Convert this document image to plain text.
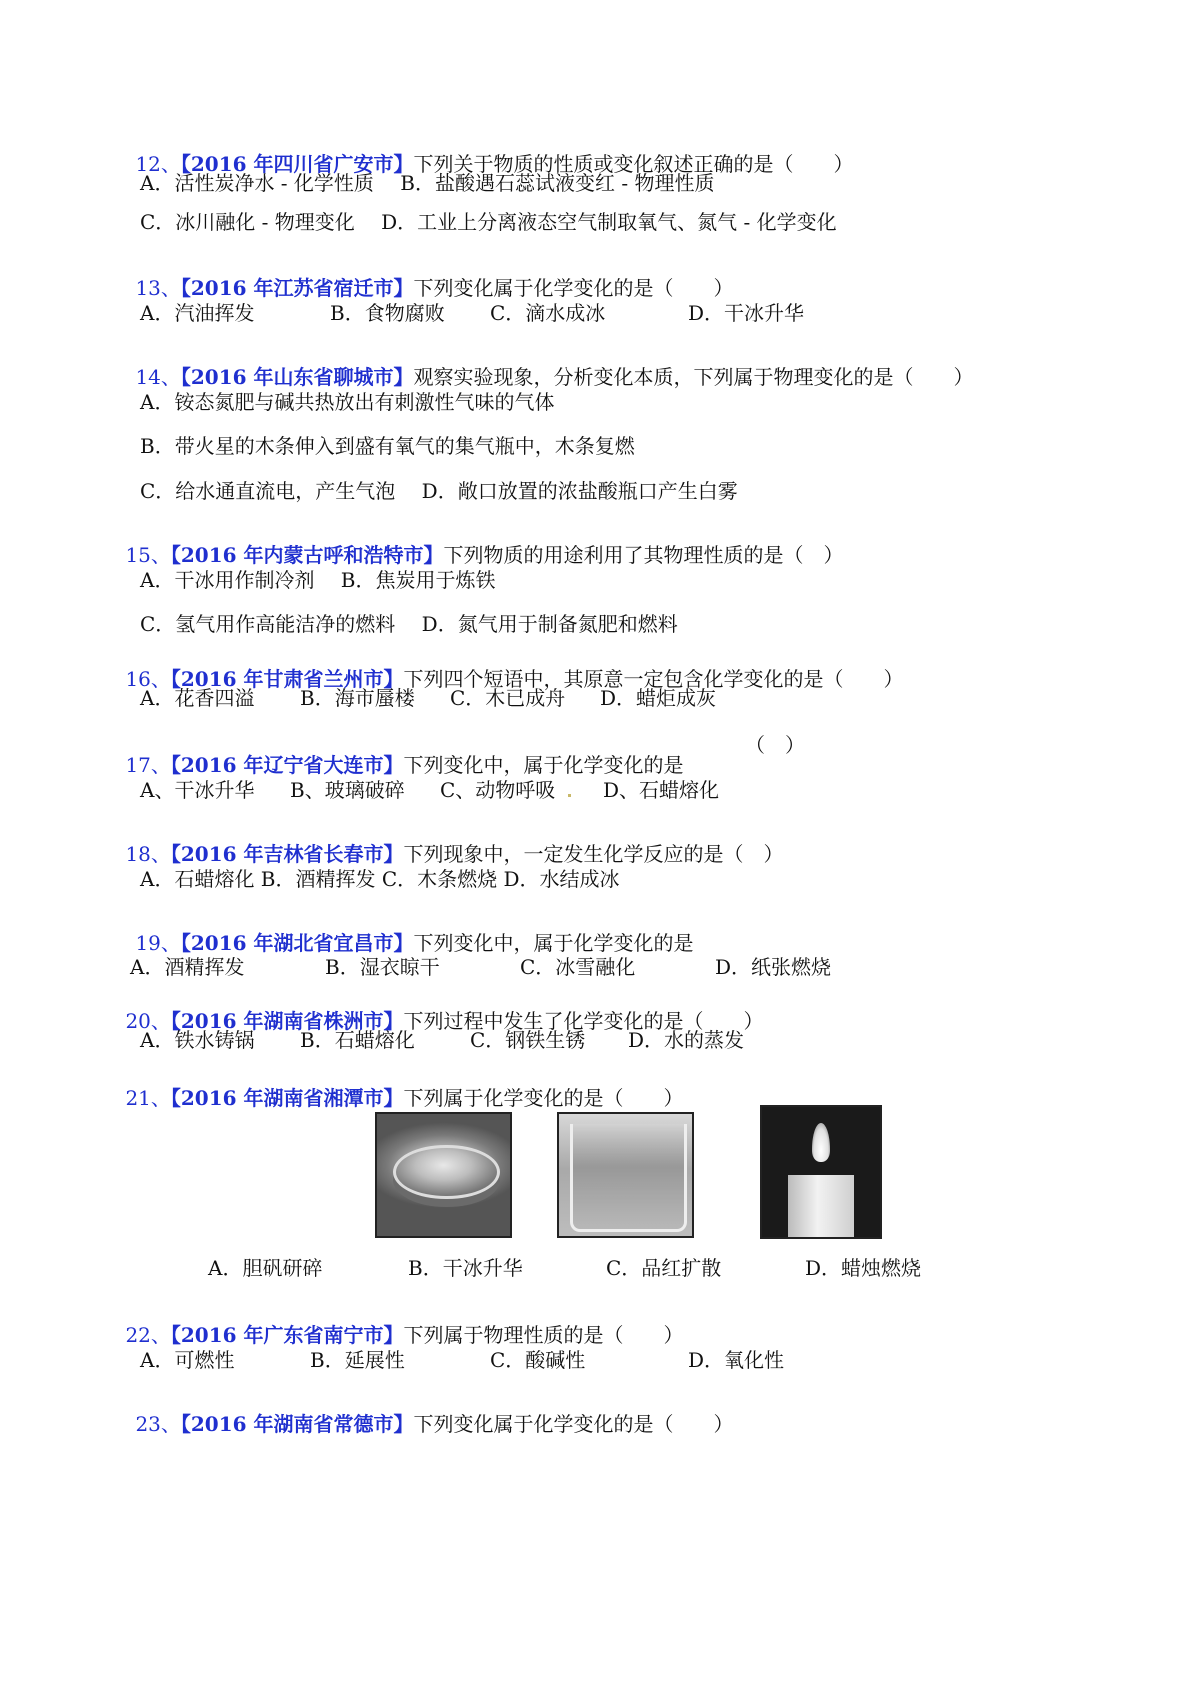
12、【2016 年四川省广安市】下列关于物质的性质或变化叙述正确的是（　　）

A．活性炭净水 - 化学性质　 B．盐酸遇石蕊试液变红 - 物理性质
C．冰川融化 - 物理变化　 D．工业上分离液态空气制取氧气、氮气 - 化学变化

13、【2016 年江苏省宿迁市】下列变化属于化学变化的是（　　）

A．汽油挥发	B．食物腐败 C．滴水成冰	D．干冰升华

14、【2016 年山东省聊城市】观察实验现象，分析变化本质，下列属于物理变化的是（　　）

A．铵态氮肥与碱共热放出有刺激性气味的气体
B．带火星的木条伸入到盛有氧气的集气瓶中，木条复燃
C．给水通直流电，产生气泡　 D．敞口放置的浓盐酸瓶口产生白雾

15、【2016 年内蒙古呼和浩特市】下列物质的用途利用了其物理性质的是（　）

A．干冰用作制冷剂　 B．焦炭用于炼铁
C．氢气用作高能洁净的燃料　 D．氮气用于制备氮肥和燃料

16、【2016 年甘肃省兰州市】下列四个短语中，其原意一定包含化学变化的是（　　）

A．花香四溢 B．海市蜃楼 C．木已成舟 D．蜡炬成灰

17、【2016 年辽宁省大连市】下列变化中，属于化学变化的是

（　）
A、干冰升华 B、玻璃破碎 C、动物呼吸 D、石蜡熔化

18、【2016 年吉林省长春市】下列现象中，一定发生化学反应的是（　）

A．石蜡熔化 B．酒精挥发 C．木条燃烧 D．水结成冰

19、【2016 年湖北省宜昌市】下列变化中，属于化学变化的是

A．酒精挥发	B．湿衣晾干	C．冰雪融化	D．纸张燃烧

20、【2016 年湖南省株洲市】下列过程中发生了化学变化的是（　　）

A．铁水铸锅 B．石蜡熔化	C．钢铁生锈 D．水的蒸发

21、【2016 年湖南省湘潭市】下列属于化学变化的是（　　）

A．胆矾研碎	B．干冰升华	C．品红扩散	D．蜡烛燃烧

22、【2016 年广东省南宁市】下列属于物理性质的是（　　）

A．可燃性	B．延展性	C．酸碱性	D．氧化性

23、【2016 年湖南省常德市】下列变化属于化学变化的是（　　）
